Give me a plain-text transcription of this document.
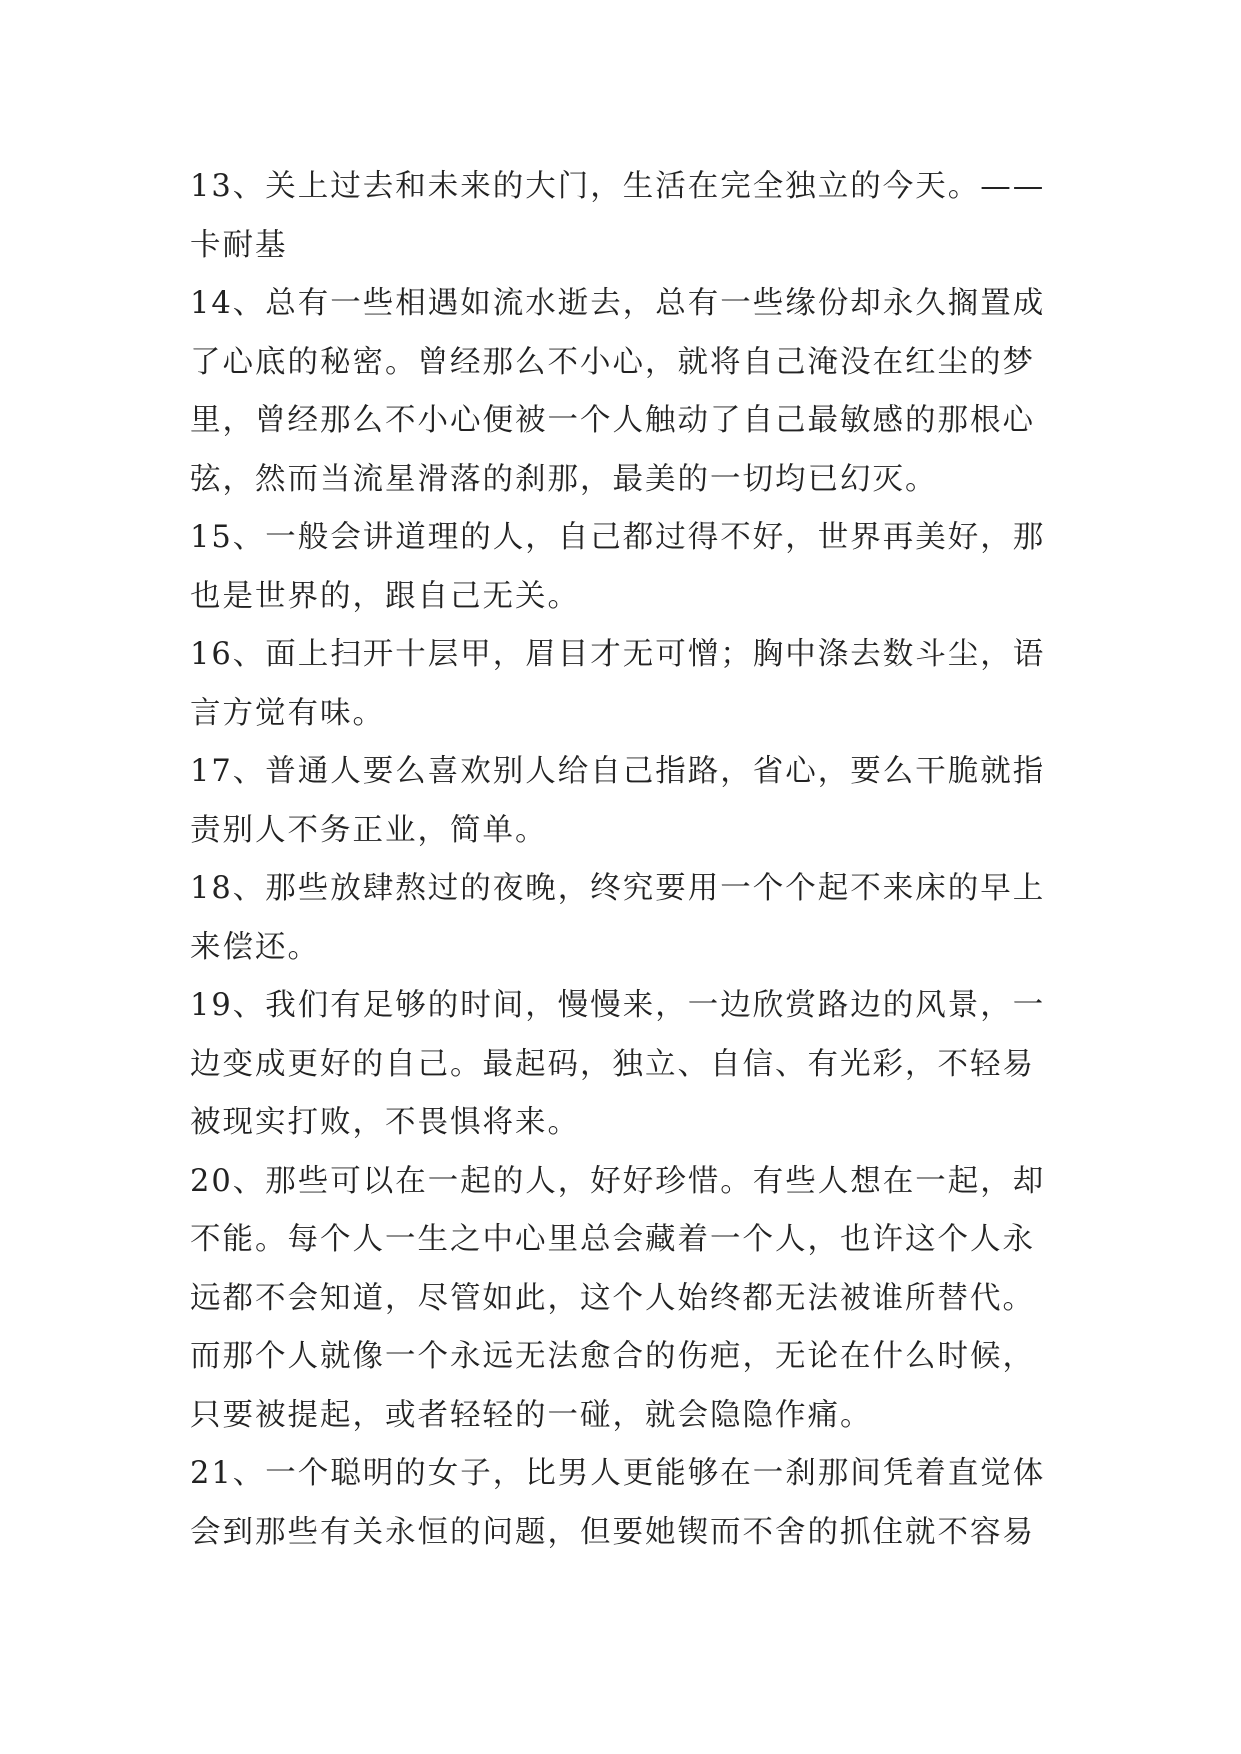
13、关上过去和未来的大门，生活在完全独立的今天。——
卡耐基
14、总有一些相遇如流水逝去，总有一些缘份却永久搁置成
了心底的秘密。曾经那么不小心，就将自己淹没在红尘的梦
里，曾经那么不小心便被一个人触动了自己最敏感的那根心
弦，然而当流星滑落的刹那，最美的一切均已幻灭。
15、一般会讲道理的人，自己都过得不好，世界再美好，那
也是世界的，跟自己无关。
16、面上扫开十层甲，眉目才无可憎；胸中涤去数斗尘，语
言方觉有味。
17、普通人要么喜欢别人给自己指路，省心，要么干脆就指
责别人不务正业，简单。
18、那些放肆熬过的夜晚，终究要用一个个起不来床的早上
来偿还。
19、我们有足够的时间，慢慢来，一边欣赏路边的风景，一
边变成更好的自己。最起码，独立、自信、有光彩，不轻易
被现实打败，不畏惧将来。
20、那些可以在一起的人，好好珍惜。有些人想在一起，却
不能。每个人一生之中心里总会藏着一个人，也许这个人永
远都不会知道，尽管如此，这个人始终都无法被谁所替代。
而那个人就像一个永远无法愈合的伤疤，无论在什么时候，
只要被提起，或者轻轻的一碰，就会隐隐作痛。
21、一个聪明的女子，比男人更能够在一刹那间凭着直觉体
会到那些有关永恒的问题，但要她锲而不舍的抓住就不容易
